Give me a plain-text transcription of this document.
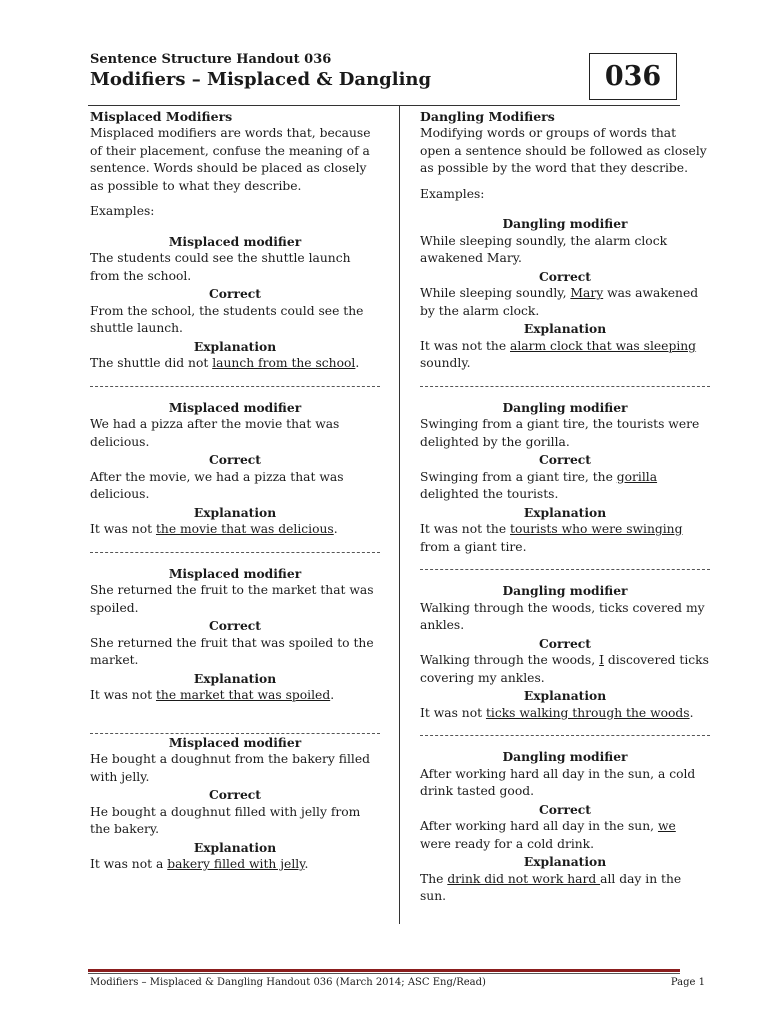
Sentence Structure Handout 036
Modifiers – Misplaced & Dangling	036
Misplaced Modifiers

Misplaced modifiers are words that, because of their placement, confuse the meaning of a sentence. Words should be placed as closely as possible to what they describe.

Examples:
Misplaced modifier

The students could see the shuttle launch from the school.

Correct

From the school, the students could see the shuttle launch.

Explanation

The shuttle did not launch from the school.

Misplaced modifier

We had a pizza after the movie that was delicious.

Correct

After the movie, we had a pizza that was delicious.

Explanation

It was not the movie that was delicious.

Misplaced modifier

She returned the fruit to the market that was spoiled.

Correct

She returned the fruit that was spoiled to the market.

Explanation

It was not the market that was spoiled.

Misplaced modifier

He bought a doughnut from the bakery filled with jelly.

Correct

He bought a doughnut filled with jelly from the bakery.

Explanation

It was not a bakery filled with jelly.

Dangling Modifiers

Modifying words or groups of words that open a sentence should be followed as closely as possible by the word that they describe.

Examples:
Dangling modifier

While sleeping soundly, the alarm clock awakened Mary.

Correct

While sleeping soundly, Mary was awakened by the alarm clock.

Explanation

It was not the alarm clock that was sleeping soundly.

Dangling modifier

Swinging from a giant tire, the tourists were delighted by the gorilla.

Correct

Swinging from a giant tire, the gorilla delighted the tourists.

Explanation

It was not the tourists who were swinging from a giant tire.

Dangling modifier

Walking through the woods, ticks covered my ankles.

Correct

Walking through the woods, I discovered ticks covering my ankles.

Explanation

It was not ticks walking through the woods.

Dangling modifier

After working hard all day in the sun, a cold drink tasted good.

Correct

After working hard all day in the sun, we were ready for a cold drink.

Explanation

The drink did not work hard all day in the sun.

Modifiers – Misplaced & Dangling Handout 036 (March 2014; ASC Eng/Read)	Page 1
